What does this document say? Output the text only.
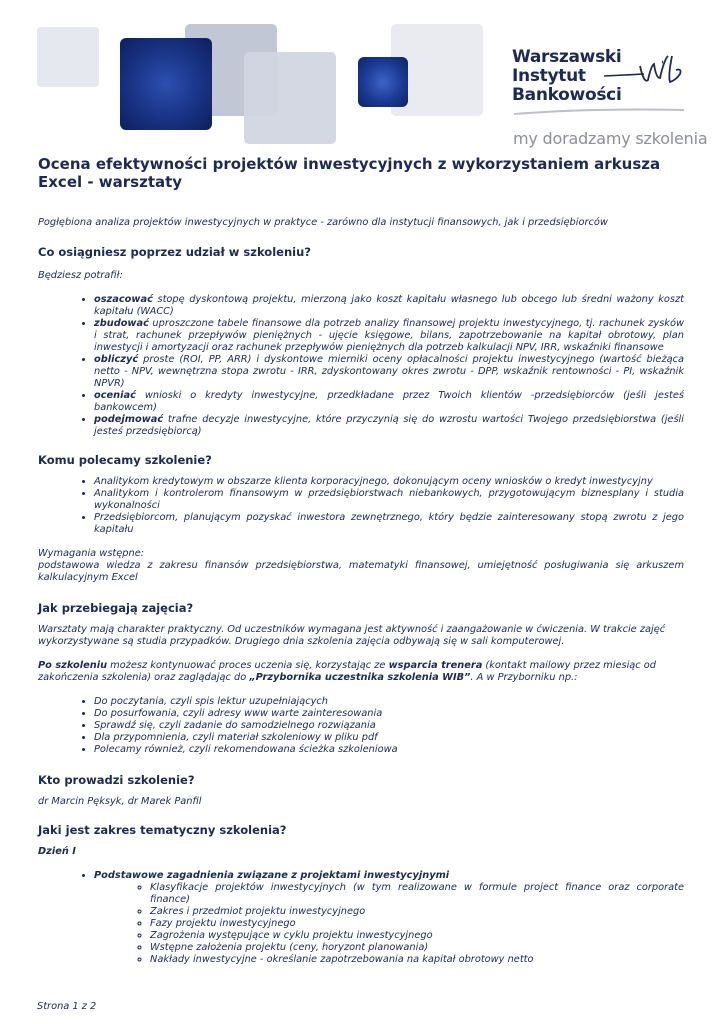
Warszawski
Instytut
Bankowości
my doradzamy szkolenia
Ocena efektywności projektów inwestycyjnych z wykorzystaniem arkusza Excel - warsztaty

Pogłębiona analiza projektów inwestycyjnych w praktyce - zarówno dla instytucji finansowych, jak i przedsiębiorców

Co osiągniesz poprzez udział w szkoleniu?

Będziesz potrafił:

• oszacować stopę dyskontową projektu, mierzoną jako koszt kapitału własnego lub obcego lub średni ważony koszt kapitału (WACC)
• zbudować uproszczone tabele finansowe dla potrzeb analizy finansowej projektu inwestycyjnego, tj. rachunek zysków i strat, rachunek przepływów pieniężnych - ujęcie księgowe, bilans, zapotrzebowanie na kapitał obrotowy, plan inwestycji i amortyzacji oraz rachunek przepływów pieniężnych dla potrzeb kalkulacji NPV, IRR, wskaźniki finansowe
• obliczyć proste (ROI, PP, ARR) i dyskontowe mierniki oceny opłacalności projektu inwestycyjnego (wartość bieżąca netto - NPV, wewnętrzna stopa zwrotu - IRR, zdyskontowany okres zwrotu - DPP, wskaźnik rentowności - PI, wskaźnik NPVR)
• oceniać wnioski o kredyty inwestycyjne, przedkładane przez Twoich klientów -przedsiębiorców (jeśli jesteś bankowcem)
• podejmować trafne decyzje inwestycyjne, które przyczynią się do wzrostu wartości Twojego przedsiębiorstwa (jeśli jesteś przedsiębiorcą)
Komu polecamy szkolenie?
• Analitykom kredytowym w obszarze klienta korporacyjnego, dokonującym oceny wniosków o kredyt inwestycyjny
• Analitykom i kontrolerom finansowym w przedsiębiorstwach niebankowych, przygotowującym biznesplany i studia wykonalności
• Przedsiębiorcom, planującym pozyskać inwestora zewnętrznego, który będzie zainteresowany stopą zwrotu z jego kapitału

Wymagania wstępne:

podstawowa wiedza z zakresu finansów przedsiębiorstwa, matematyki finansowej, umiejętność posługiwania się arkuszem kalkulacyjnym Excel

Jak przebiegają zajęcia?

Warsztaty mają charakter praktyczny. Od uczestników wymagana jest aktywność i zaangażowanie w ćwiczenia. W trakcie zajęć wykorzystywane są studia przypadków. Drugiego dnia szkolenia zajęcia odbywają się w sali komputerowej.

Po szkoleniu możesz kontynuować proces uczenia się, korzystając ze wsparcia trenera (kontakt mailowy przez miesiąc od zakończenia szkolenia) oraz zaglądając do „Przybornika uczestnika szkolenia WIB”. A w Przyborniku np.:

• Do poczytania, czyli spis lektur uzupełniających
• Do posurfowania, czyli adresy www warte zainteresowania
• Sprawdź się, czyli zadanie do samodzielnego rozwiązania
• Dla przypomnienia, czyli materiał szkoleniowy w pliku pdf
• Polecamy również, czyli rekomendowana ścieżka szkoleniowa
Kto prowadzi szkolenie?

dr Marcin Pęksyk, dr Marek Panfil

Jaki jest zakres tematyczny szkolenia?

Dzień I

• Podstawowe zagadnienia związane z projektami inwestycyjnymi
◦ Klasyfikacje projektów inwestycyjnych (w tym realizowane w formule project finance oraz corporate finance)
◦ Zakres i przedmiot projektu inwestycyjnego
◦ Fazy projektu inwestycyjnego
◦ Zagrożenia występujące w cyklu projektu inwestycyjnego
◦ Wstępne założenia projektu (ceny, horyzont planowania)
◦ Nakłady inwestycyjne - określanie zapotrzebowania na kapitał obrotowy netto
Strona 1 z 2
